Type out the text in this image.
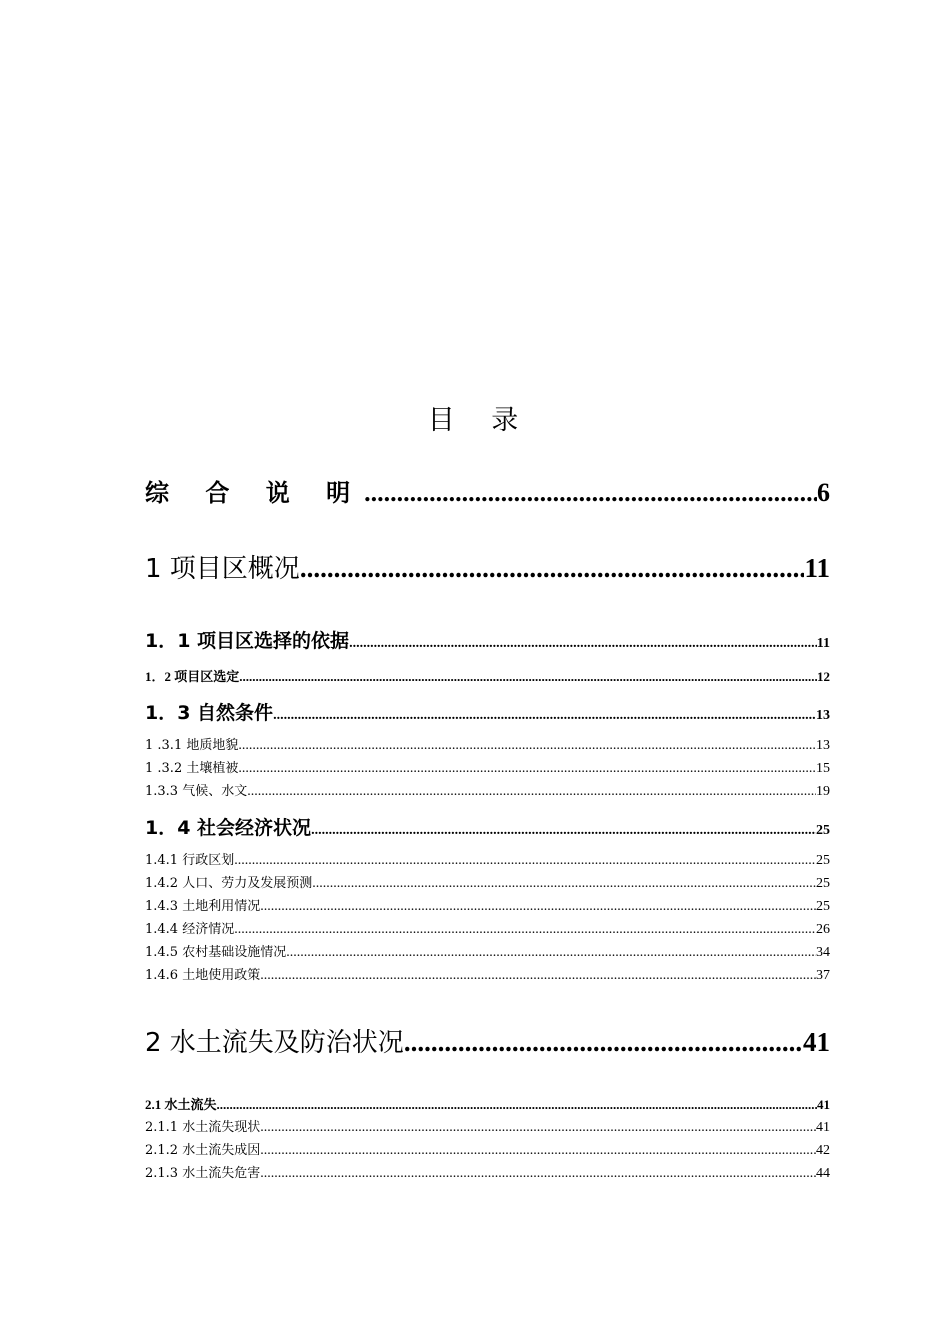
目 录
综 合 说 明 .....	6
1 项目区概况 .....	11
1．1 项目区选择的依据 .....	11
1．2 项目区选定 .....	12
1．3 自然条件 .....	13
1 .3.1 地质地貌 .....	13
1 .3.2 土壤植被 .....	15
1.3.3 气候、水文 .....	19
1．4 社会经济状况 .....	25
1.4.1 行政区划 .....	25
1.4.2 人口、劳力及发展预测 .....	25
1.4.3 土地利用情况 .....	25
1.4.4 经济情况 .....	26
1.4.5 农村基础设施情况 .....	34
1.4.6 土地使用政策 .....	37
2 水土流失及防治状况 .....	41
2.1 水土流失 .....	41
2.1.1 水土流失现状 .....	41
2.1.2 水土流失成因 .....	42
2.1.3 水土流失危害 .....	44
